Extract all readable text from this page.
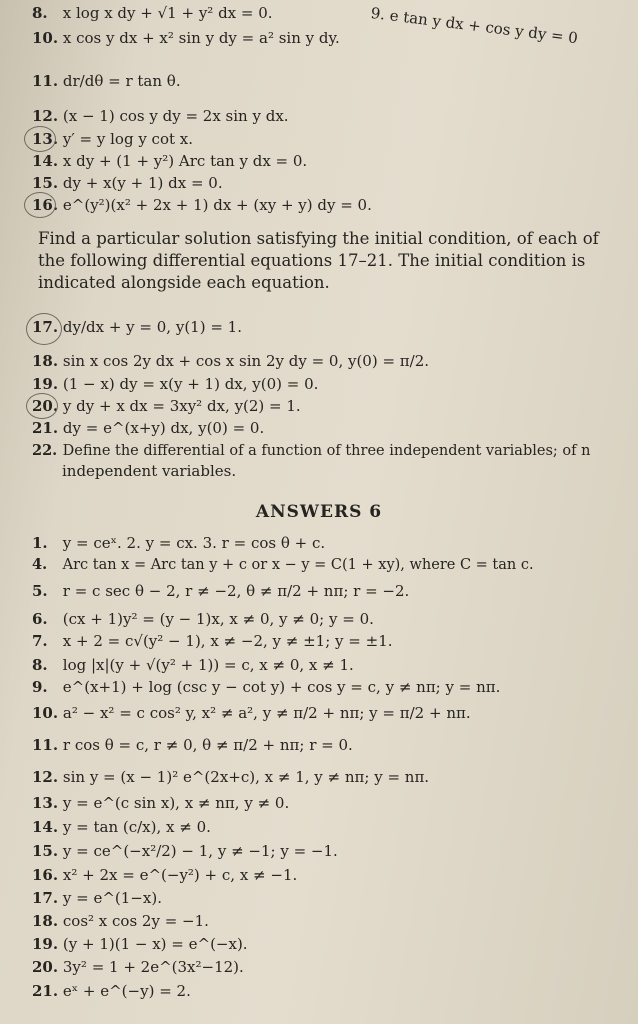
9. e tan y dx + cos y dy = 0
8. x log x dy + √1 + y² dx = 0.
10. x cos y dx + x² sin y dy = a² sin y dy.
11. dr/dθ = r tan θ.
12. (x − 1) cos y dy = 2x sin y dx.
13. y′ = y log y cot x.
14. x dy + (1 + y²) Arc tan y dx = 0.
15. dy + x(y + 1) dx = 0.
16. e^(y²)(x² + 2x + 1) dx + (xy + y) dy = 0.
Find a particular solution satisfying the initial condition, of each of the following differential equations 17–21. The initial condition is indicated alongside each equation.
17. dy/dx + y = 0, y(1) = 1.
18. sin x cos 2y dx + cos x sin 2y dy = 0, y(0) = π/2.
19. (1 − x) dy = x(y + 1) dx, y(0) = 0.
20. y dy + x dx = 3xy² dx, y(2) = 1.
21. dy = e^(x+y) dx, y(0) = 0.
22. Define the differential of a function of three independent variables; of n
independent variables.
ANSWERS 6
1. y = ceˣ. 2. y = cx. 3. r = cos θ + c.
4. Arc tan x = Arc tan y + c or x − y = C(1 + xy), where C = tan c.
5. r = c sec θ − 2, r ≠ −2, θ ≠ π/2 + nπ; r = −2.
6. (cx + 1)y² = (y − 1)x, x ≠ 0, y ≠ 0; y = 0.
7. x + 2 = c√(y² − 1), x ≠ −2, y ≠ ±1; y = ±1.
8. log |x|(y + √(y² + 1)) = c, x ≠ 0, x ≠ 1.
9. e^(x+1) + log (csc y − cot y) + cos y = c, y ≠ nπ; y = nπ.
10. a² − x² = c cos² y, x² ≠ a², y ≠ π/2 + nπ; y = π/2 + nπ.
11. r cos θ = c, r ≠ 0, θ ≠ π/2 + nπ; r = 0.
12. sin y = (x − 1)² e^(2x+c), x ≠ 1, y ≠ nπ; y = nπ.
13. y = e^(c sin x), x ≠ nπ, y ≠ 0.
14. y = tan (c/x), x ≠ 0.
15. y = ce^(−x²/2) − 1, y ≠ −1; y = −1.
16. x² + 2x = e^(−y²) + c, x ≠ −1.
17. y = e^(1−x).
18. cos² x cos 2y = −1.
19. (y + 1)(1 − x) = e^(−x).
20. 3y² = 1 + 2e^(3x²−12).
21. eˣ + e^(−y) = 2.
